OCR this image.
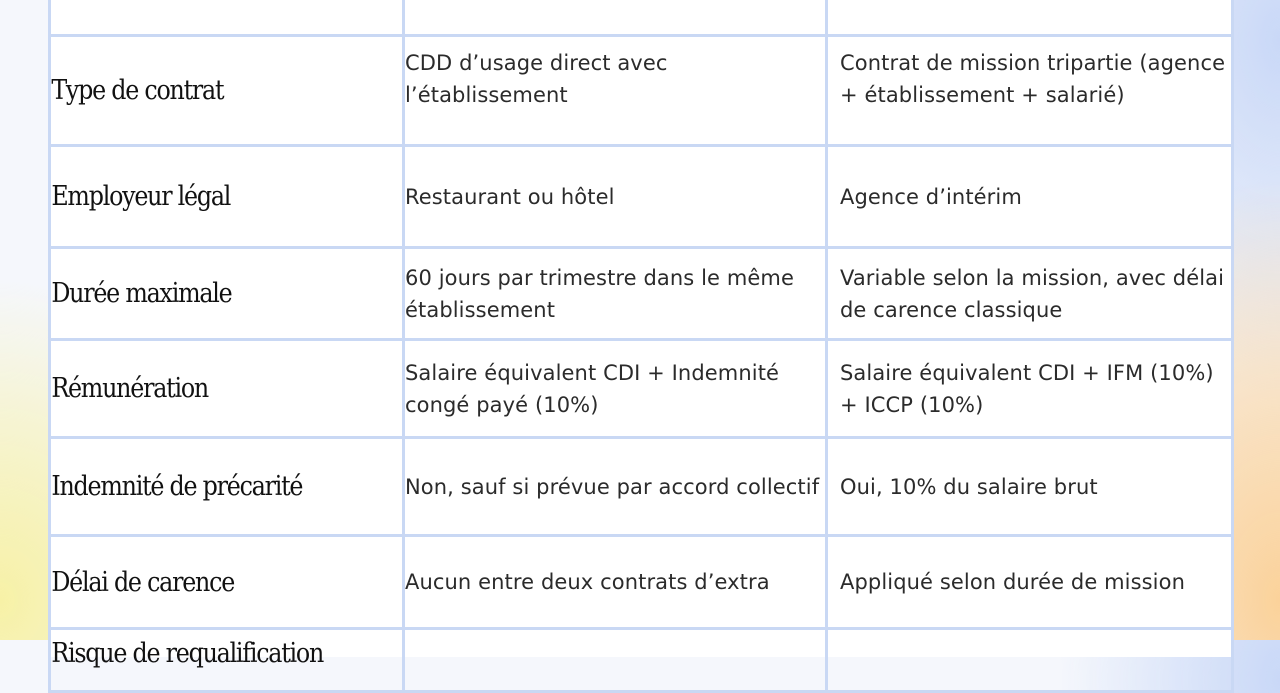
Type de contrat	CDD d’usage direct avec l’établissement	Contrat de mission tripartie (agence + établissement + salarié)
Employeur légal	Restaurant ou hôtel	Agence d’intérim
Durée maximale	60 jours par trimestre dans le même établissement	Variable selon la mission, avec délai de carence classique
Rémunération	Salaire équivalent CDI + Indemnité congé payé (10%)	Salaire équivalent CDI + IFM (10%) + ICCP (10%)
Indemnité de précarité	Non, sauf si prévue par accord collectif	Oui, 10% du salaire brut
Délai de carence	Aucun entre deux contrats d’extra	Appliqué selon durée de mission

Risque de requalification		
